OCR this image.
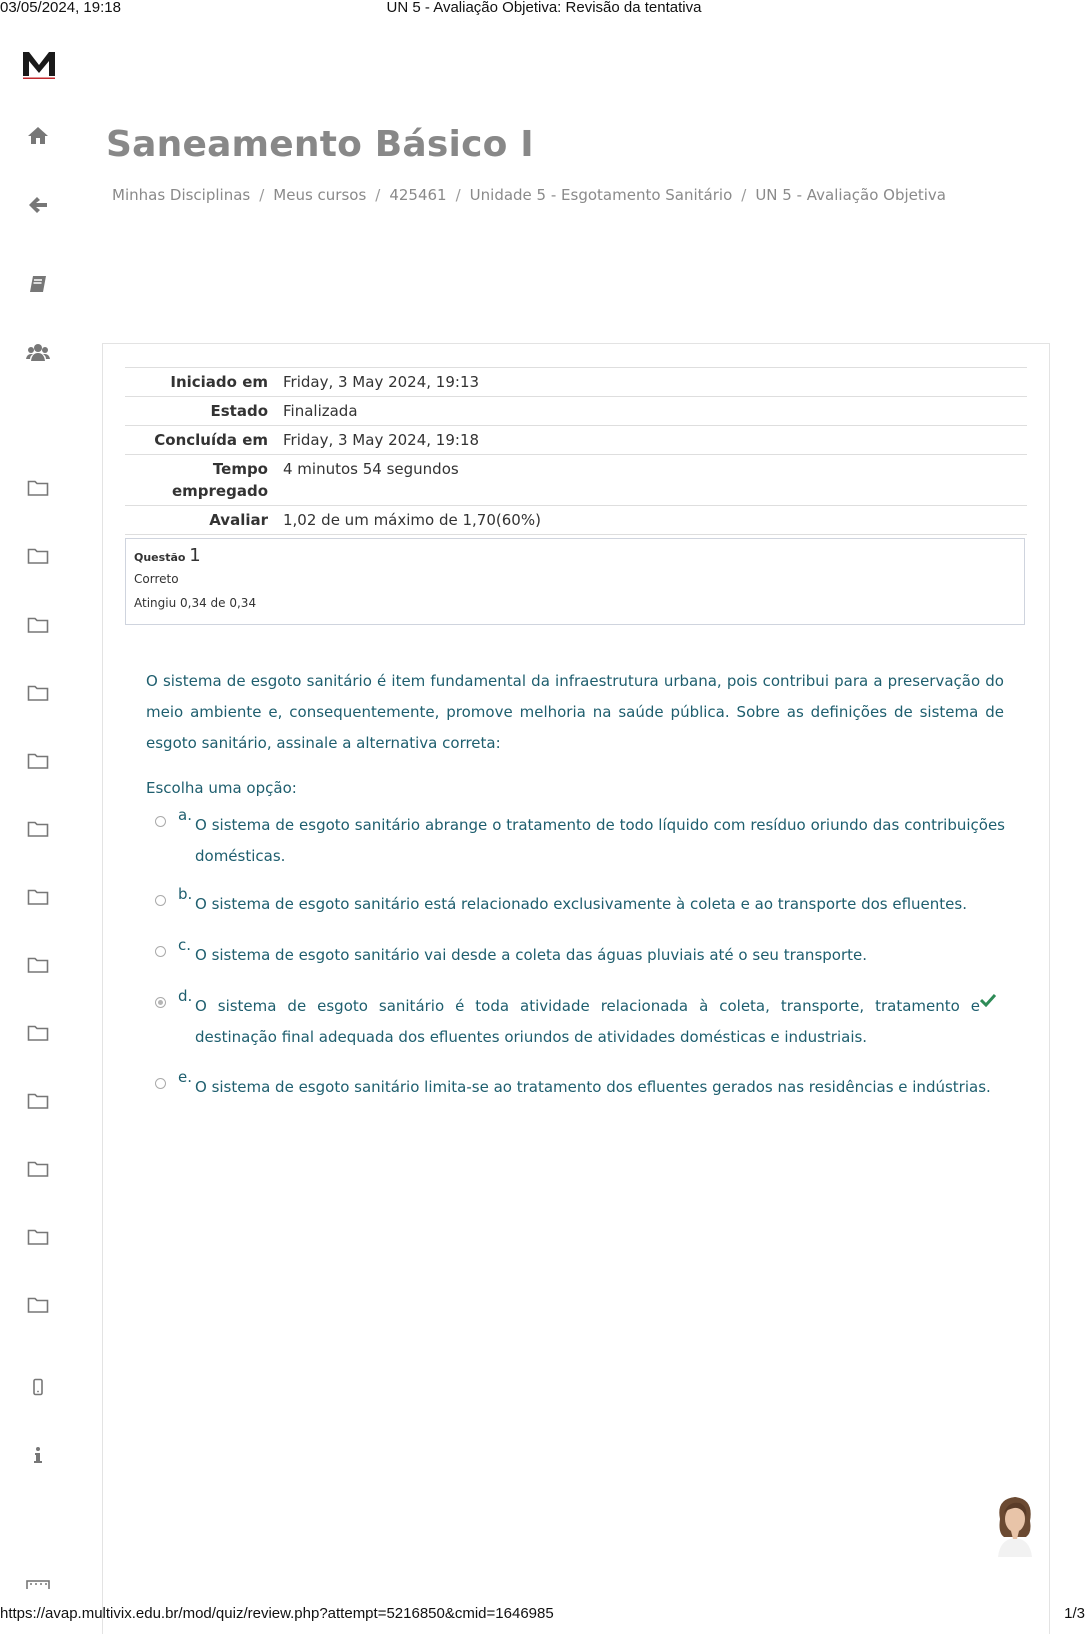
03/05/2024, 19:18	UN 5 - Avaliação Objetiva: Revisão da tentativa
Saneamento Básico I
Minhas Disciplinas / Meus cursos / 425461 / Unidade 5 - Esgotamento Sanitário / UN 5 - Avaliação Objetiva
Iniciado em	Friday, 3 May 2024, 19:13
Estado	Finalizada
Concluída em	Friday, 3 May 2024, 19:18
Tempo empregado	4 minutos 54 segundos
Avaliar	1,02 de um máximo de 1,70(60%)
Questão 1
Correto
Atingiu 0,34 de 0,34
O sistema de esgoto sanitário é item fundamental da infraestrutura urbana, pois contribui para a preservação do meio ambiente e, consequentemente, promove melhoria na saúde pública. Sobre as definições de sistema de esgoto sanitário, assinale a alternativa correta:
Escolha uma opção:
a.
O sistema de esgoto sanitário abrange o tratamento de todo líquido com resíduo oriundo das contribuições domésticas.
b.
O sistema de esgoto sanitário está relacionado exclusivamente à coleta e ao transporte dos efluentes.
c.
O sistema de esgoto sanitário vai desde a coleta das águas pluviais até o seu transporte.
d.
O sistema de esgoto sanitário é toda atividade relacionada à coleta, transporte, tratamento e destinação final adequada dos efluentes oriundos de atividades domésticas e industriais.
e.
O sistema de esgoto sanitário limita-se ao tratamento dos efluentes gerados nas residências e indústrias.
https://avap.multivix.edu.br/mod/quiz/review.php?attempt=5216850&cmid=1646985	1/3
